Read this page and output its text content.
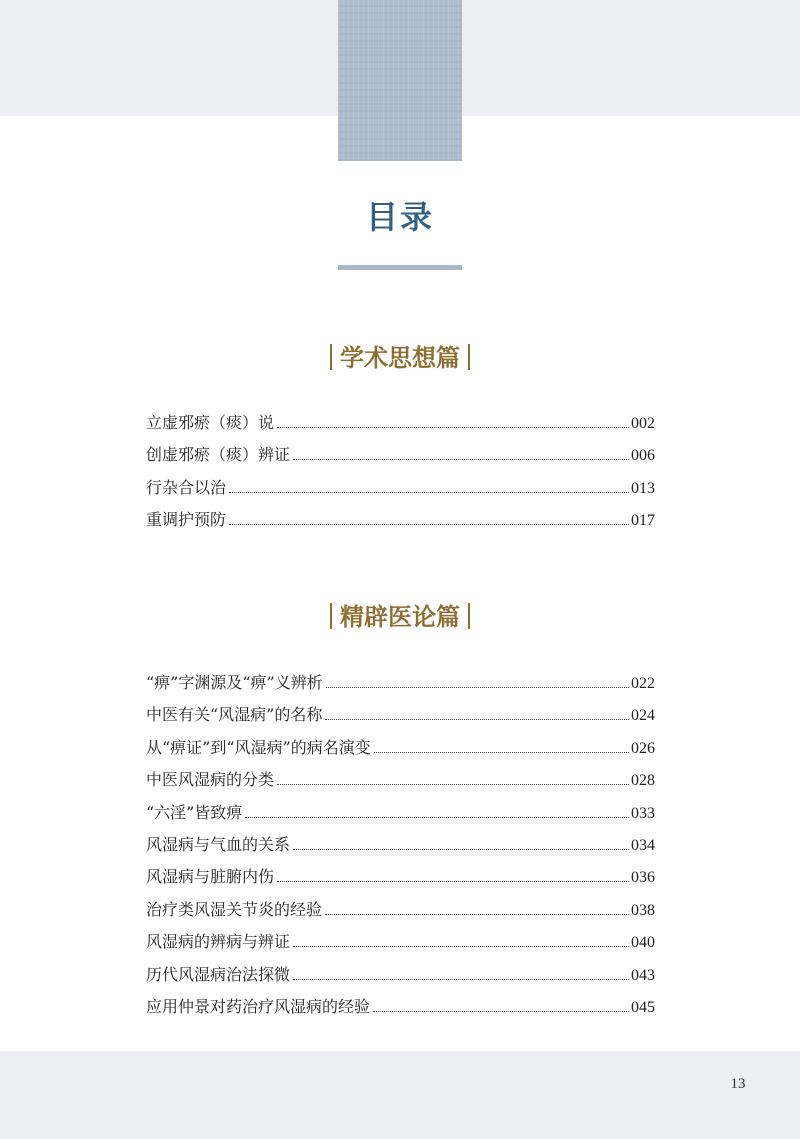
目录
学术思想篇
立虚邪瘀（痰）说	002
创虚邪瘀（痰）辨证	006
行杂合以治	013
重调护预防	017
精辟医论篇
“痹”字渊源及“痹”义辨析	022
中医有关“风湿病”的名称	024
从“痹证”到“风湿病”的病名演变	026
中医风湿病的分类	028
“六淫”皆致痹	033
风湿病与气血的关系	034
风湿病与脏腑内伤	036
治疗类风湿关节炎的经验	038
风湿病的辨病与辨证	040
历代风湿病治法探微	043
应用仲景对药治疗风湿病的经验	045
13
